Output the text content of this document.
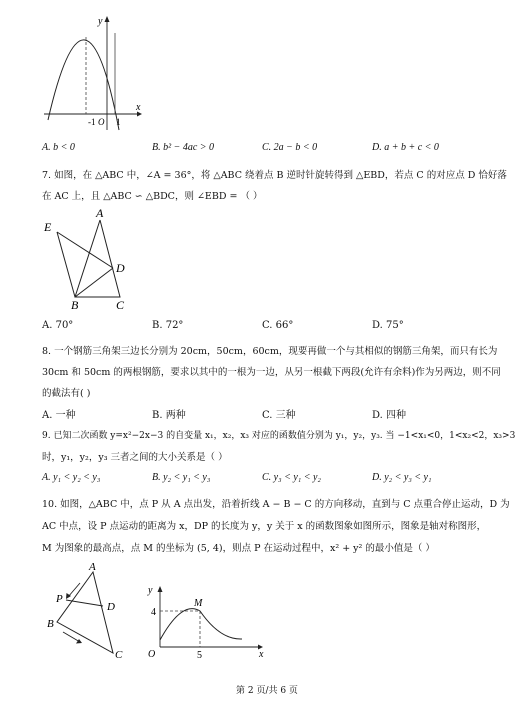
y
x
-1 O 1
A. b < 0	B. b² − 4ac > 0	C. 2a − b < 0	D. a + b + c < 0
7. 如图，在 △ABC 中，∠A = 36°，将 △ABC 绕着点 B 逆时针旋转得到 △EBD，若点 C 的对应点 D 恰好落
在 AC 上，且 △ABC ∽ △BDC，则 ∠EBD = （ ）
A
E
D
B	C
A. 70°	B. 72°	C. 66°	D. 75°
8. 一个钢筋三角架三边长分别为 20cm，50cm，60cm，现要再做一个与其相似的钢筋三角架，而只有长为
30cm 和 50cm 的两根钢筋，要求以其中的一根为一边，从另一根截下两段(允许有余料)作为另两边，则不同
的截法有( )
A. 一种	B. 两种	C. 三种	D. 四种
9. 已知二次函数 y=x²−2x−3 的自变量 x₁，x₂，x₃ 对应的函数值分别为 y₁，y₂，y₃. 当 −1<x₁<0，1<x₂<2，x₃>3
时，y₁，y₂，y₃ 三者之间的大小关系是（ ）
A. y₁ < y₂ < y₃	B. y₂ < y₁ < y₃	C. y₃ < y₁ < y₂	D. y₂ < y₃ < y₁
10. 如图，△ABC 中，点 P 从 A 点出发，沿着折线 A − B − C 的方向移动，直到与 C 点重合停止运动，D 为
AC 中点，设 P 点运动的距离为 x，DP 的长度为 y，y 关于 x 的函数图象如图所示，图象是轴对称图形，
M 为图象的最高点，点 M 的坐标为 (5, 4)，则点 P 在运动过程中，x² + y² 的最小值是（ ）
A
P
D
B
C
y
x
O
4
5
M
第 2 页/共 6 页
